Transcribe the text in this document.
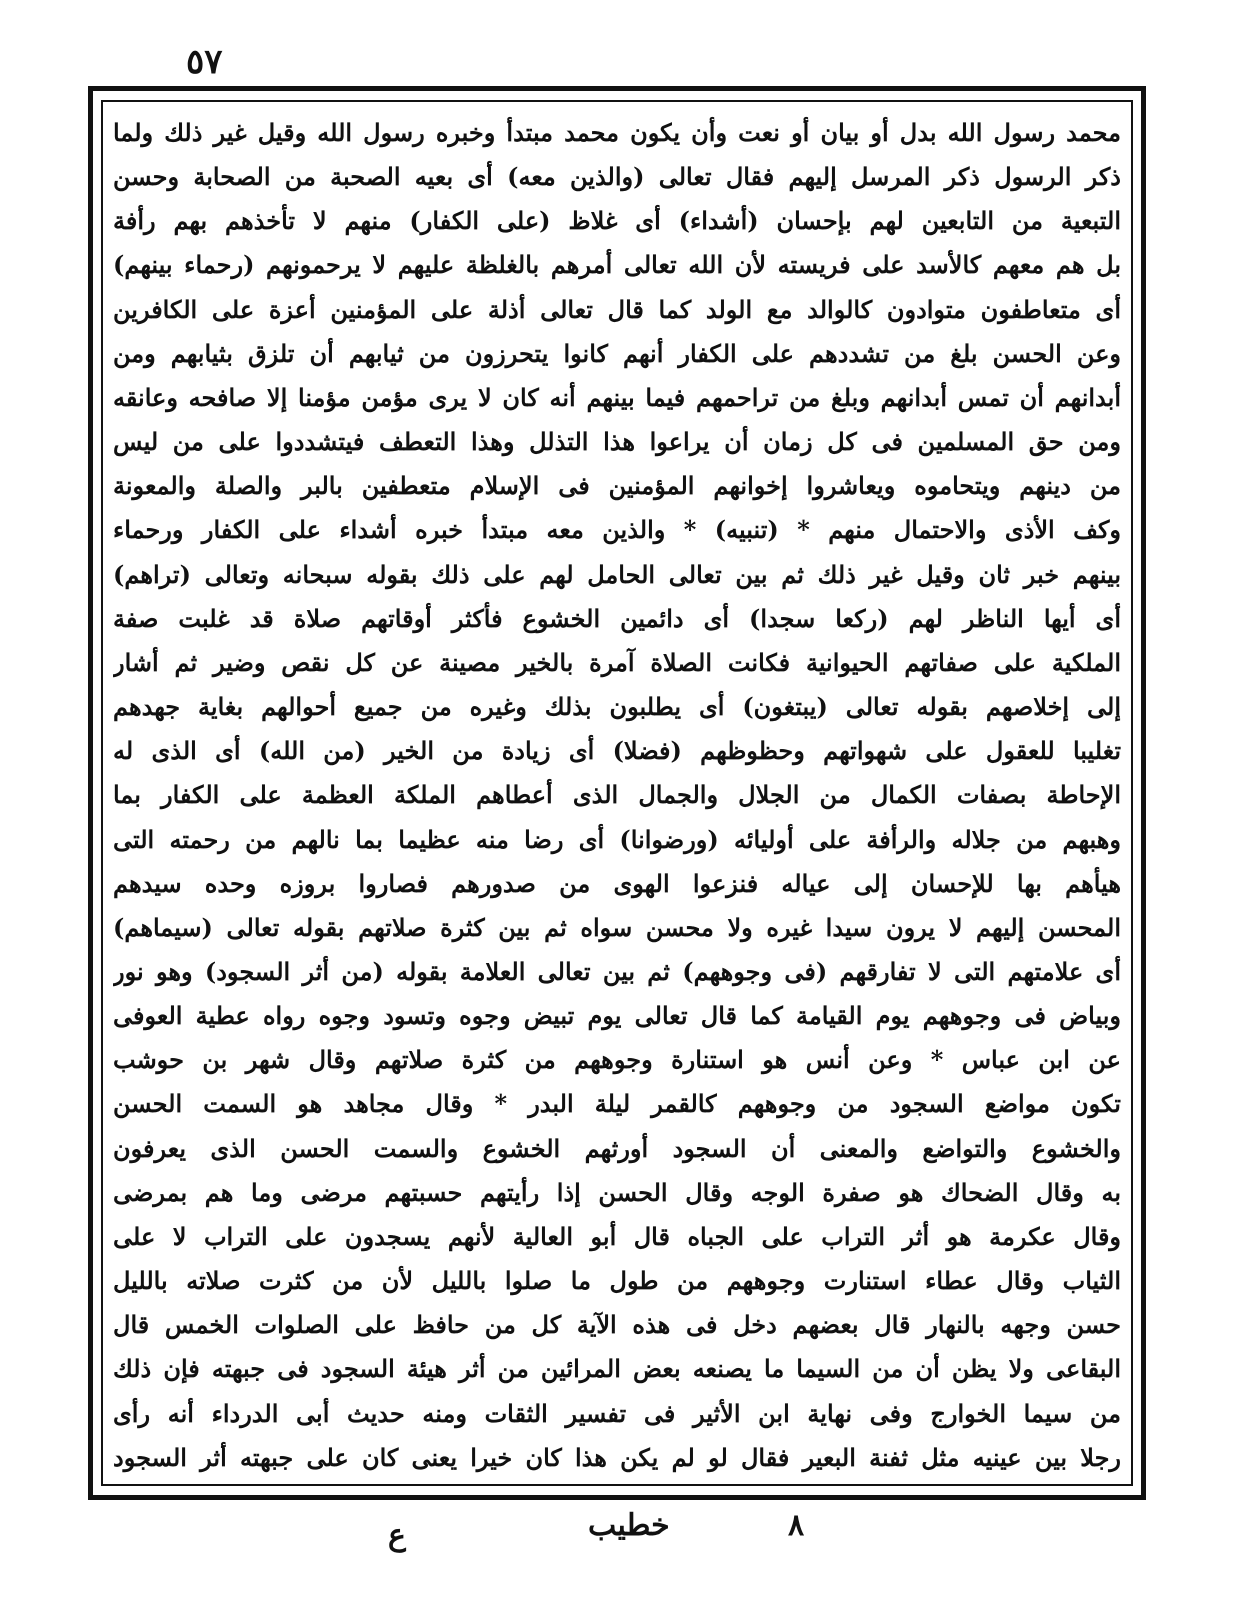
٥٧
محمد رسول الله بدل أو بيان أو نعت وأن يكون محمد مبتدأ وخبره رسول الله وقيل غير ذلك ولما
ذكر الرسول ذكر المرسل إليهم فقال تعالى (والذين معه) أى بعيه الصحبة من الصحابة وحسن
التبعية من التابعين لهم بإحسان (أشداء) أى غلاظ (على الكفار) منهم لا تأخذهم بهم رأفة
بل هم معهم كالأسد على فريسته لأن الله تعالى أمرهم بالغلظة عليهم لا يرحمونهم (رحماء بينهم)
أى متعاطفون متوادون كالوالد مع الولد كما قال تعالى أذلة على المؤمنين أعزة على الكافرين
وعن الحسن بلغ من تشددهم على الكفار أنهم كانوا يتحرزون من ثيابهم أن تلزق بثيابهم ومن
أبدانهم أن تمس أبدانهم وبلغ من تراحمهم فيما بينهم أنه كان لا يرى مؤمن مؤمنا إلا صافحه وعانقه
ومن حق المسلمين فى كل زمان أن يراعوا هذا التذلل وهذا التعطف فيتشددوا على من ليس
من دينهم ويتحاموه ويعاشروا إخوانهم المؤمنين فى الإسلام متعطفين بالبر والصلة والمعونة
وكف الأذى والاحتمال منهم * (تنبيه) * والذين معه مبتدأ خبره أشداء على الكفار ورحماء
بينهم خبر ثان وقيل غير ذلك ثم بين تعالى الحامل لهم على ذلك بقوله سبحانه وتعالى (تراهم)
أى أيها الناظر لهم (ركعا سجدا) أى دائمين الخشوع فأكثر أوقاتهم صلاة قد غلبت صفة
الملكية على صفاتهم الحيوانية فكانت الصلاة آمرة بالخير مصينة عن كل نقص وضير ثم أشار
إلى إخلاصهم بقوله تعالى (يبتغون) أى يطلبون بذلك وغيره من جميع أحوالهم بغاية جهدهم
تغليبا للعقول على شهواتهم وحظوظهم (فضلا) أى زيادة من الخير (من الله) أى الذى له
الإحاطة بصفات الكمال من الجلال والجمال الذى أعطاهم الملكة العظمة على الكفار بما
وهبهم من جلاله والرأفة على أوليائه (ورضوانا) أى رضا منه عظيما بما نالهم من رحمته التى
هيأهم بها للإحسان إلى عياله فنزعوا الهوى من صدورهم فصاروا بروزه وحده سيدهم
المحسن إليهم لا يرون سيدا غيره ولا محسن سواه ثم بين كثرة صلاتهم بقوله تعالى (سيماهم)
أى علامتهم التى لا تفارقهم (فى وجوههم) ثم بين تعالى العلامة بقوله (من أثر السجود) وهو نور
وبياض فى وجوههم يوم القيامة كما قال تعالى يوم تبيض وجوه وتسود وجوه رواه عطية العوفى
عن ابن عباس * وعن أنس هو استنارة وجوههم من كثرة صلاتهم وقال شهر بن حوشب
تكون مواضع السجود من وجوههم كالقمر ليلة البدر * وقال مجاهد هو السمت الحسن
والخشوع والتواضع والمعنى أن السجود أورثهم الخشوع والسمت الحسن الذى يعرفون
به وقال الضحاك هو صفرة الوجه وقال الحسن إذا رأيتهم حسبتهم مرضى وما هم بمرضى
وقال عكرمة هو أثر التراب على الجباه قال أبو العالية لأنهم يسجدون على التراب لا على
الثياب وقال عطاء استنارت وجوههم من طول ما صلوا بالليل لأن من كثرت صلاته بالليل
حسن وجهه بالنهار قال بعضهم دخل فى هذه الآية كل من حافظ على الصلوات الخمس قال
البقاعى ولا يظن أن من السيما ما يصنعه بعض المرائين من أثر هيئة السجود فى جبهته فإن ذلك
من سيما الخوارج وفى نهاية ابن الأثير فى تفسير الثقات ومنه حديث أبى الدرداء أنه رأى
رجلا بين عينيه مثل ثفنة البعير فقال لو لم يكن هذا كان خيرا يعنى كان على جبهته أثر السجود
٨
خطيب
ع
